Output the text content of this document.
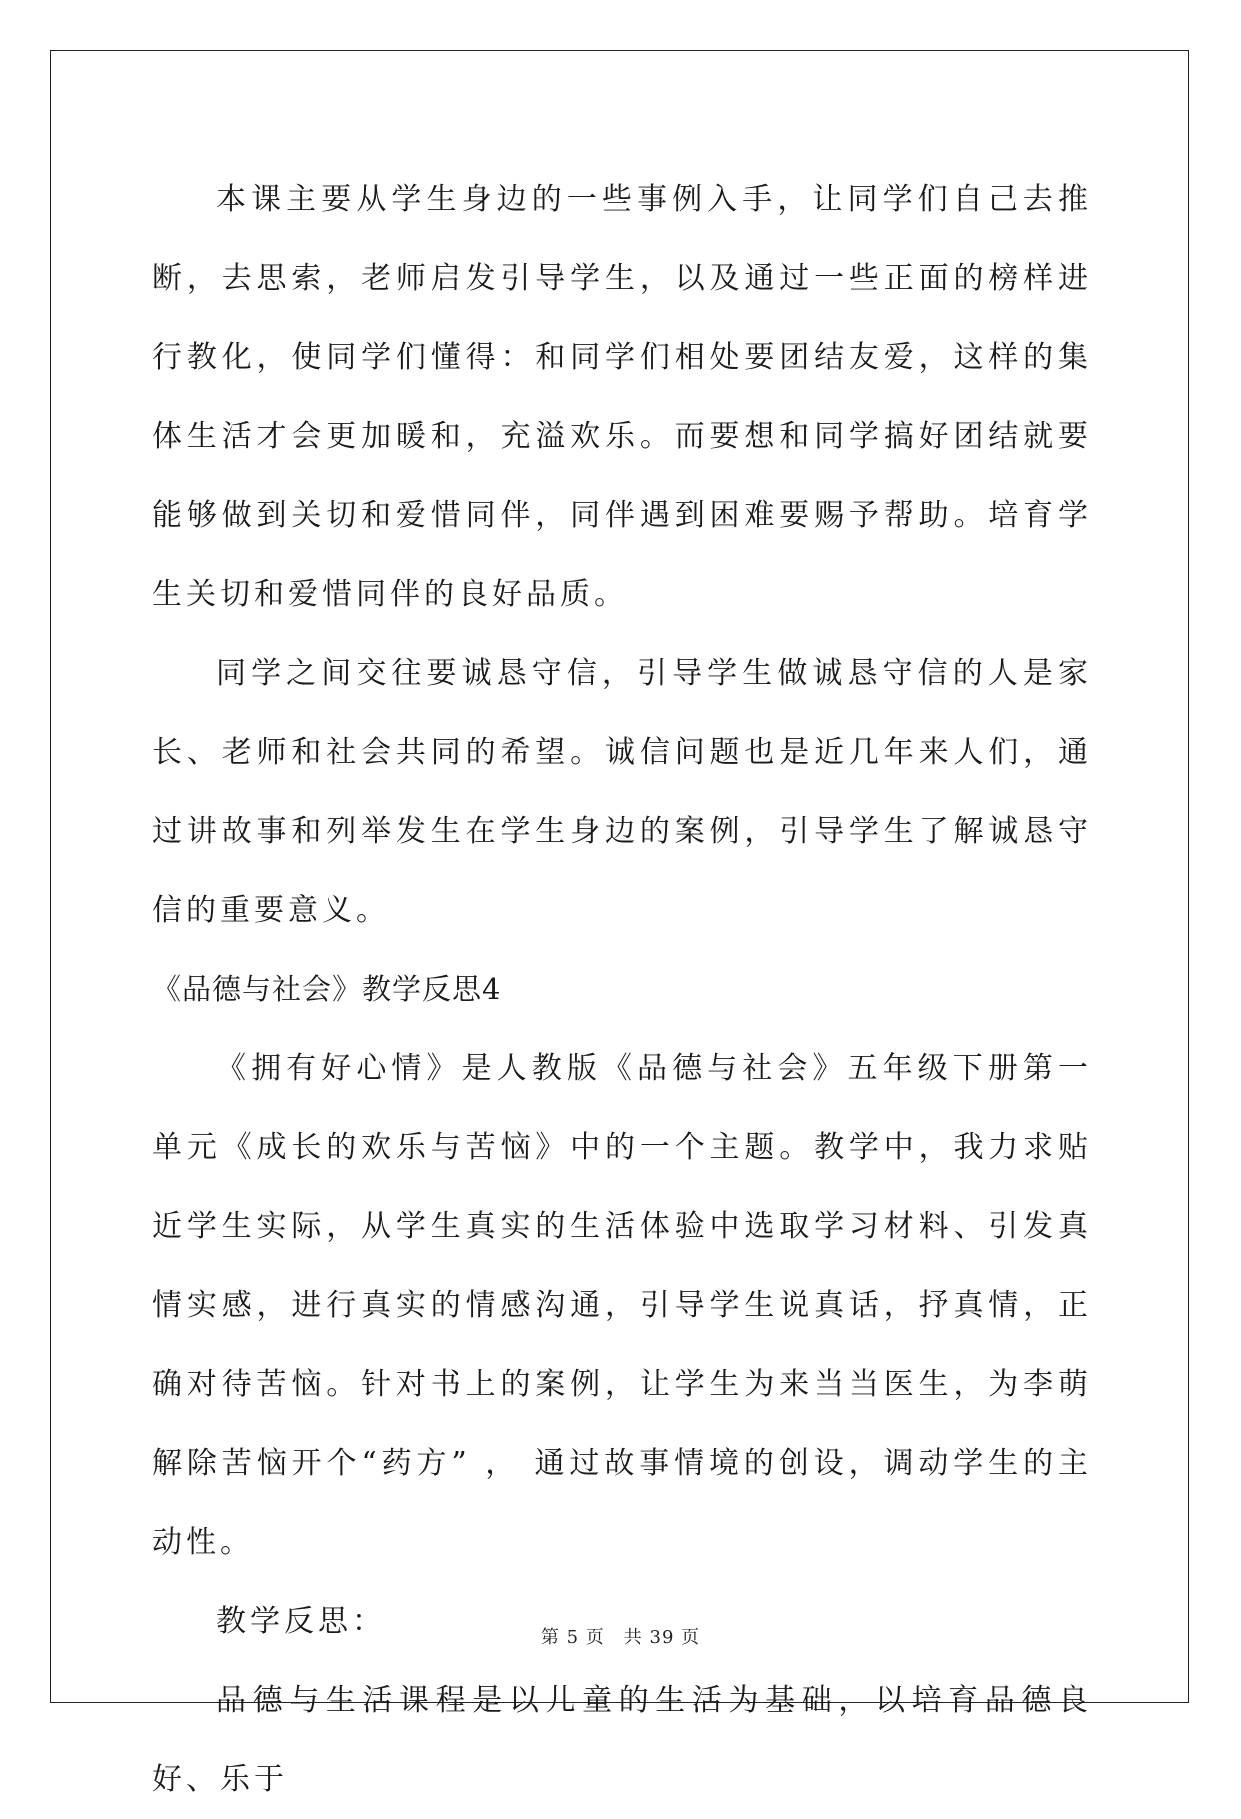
本课主要从学生身边的一些事例入手，让同学们自己去推断，去思索，老师启发引导学生，以及通过一些正面的榜样进行教化，使同学们懂得：和同学们相处要团结友爱，这样的集体生活才会更加暖和，充溢欢乐。而要想和同学搞好团结就要能够做到关切和爱惜同伴，同伴遇到困难要赐予帮助。培育学生关切和爱惜同伴的良好品质。

同学之间交往要诚恳守信，引导学生做诚恳守信的人是家长、老师和社会共同的希望。诚信问题也是近几年来人们，通过讲故事和列举发生在学生身边的案例，引导学生了解诚恳守信的重要意义。

《品德与社会》教学反思4

《拥有好心情》是人教版《品德与社会》五年级下册第一单元《成长的欢乐与苦恼》中的一个主题。教学中，我力求贴近学生实际，从学生真实的生活体验中选取学习材料、引发真情实感，进行真实的情感沟通，引导学生说真话，抒真情，正确对待苦恼。针对书上的案例，让学生为来当当医生，为李萌解除苦恼开个“药方” ， 通过故事情境的创设，调动学生的主动性。

教学反思：

品德与生活课程是以儿童的生活为基础，以培育品德良好、乐于

第 5 页　共 39 页
